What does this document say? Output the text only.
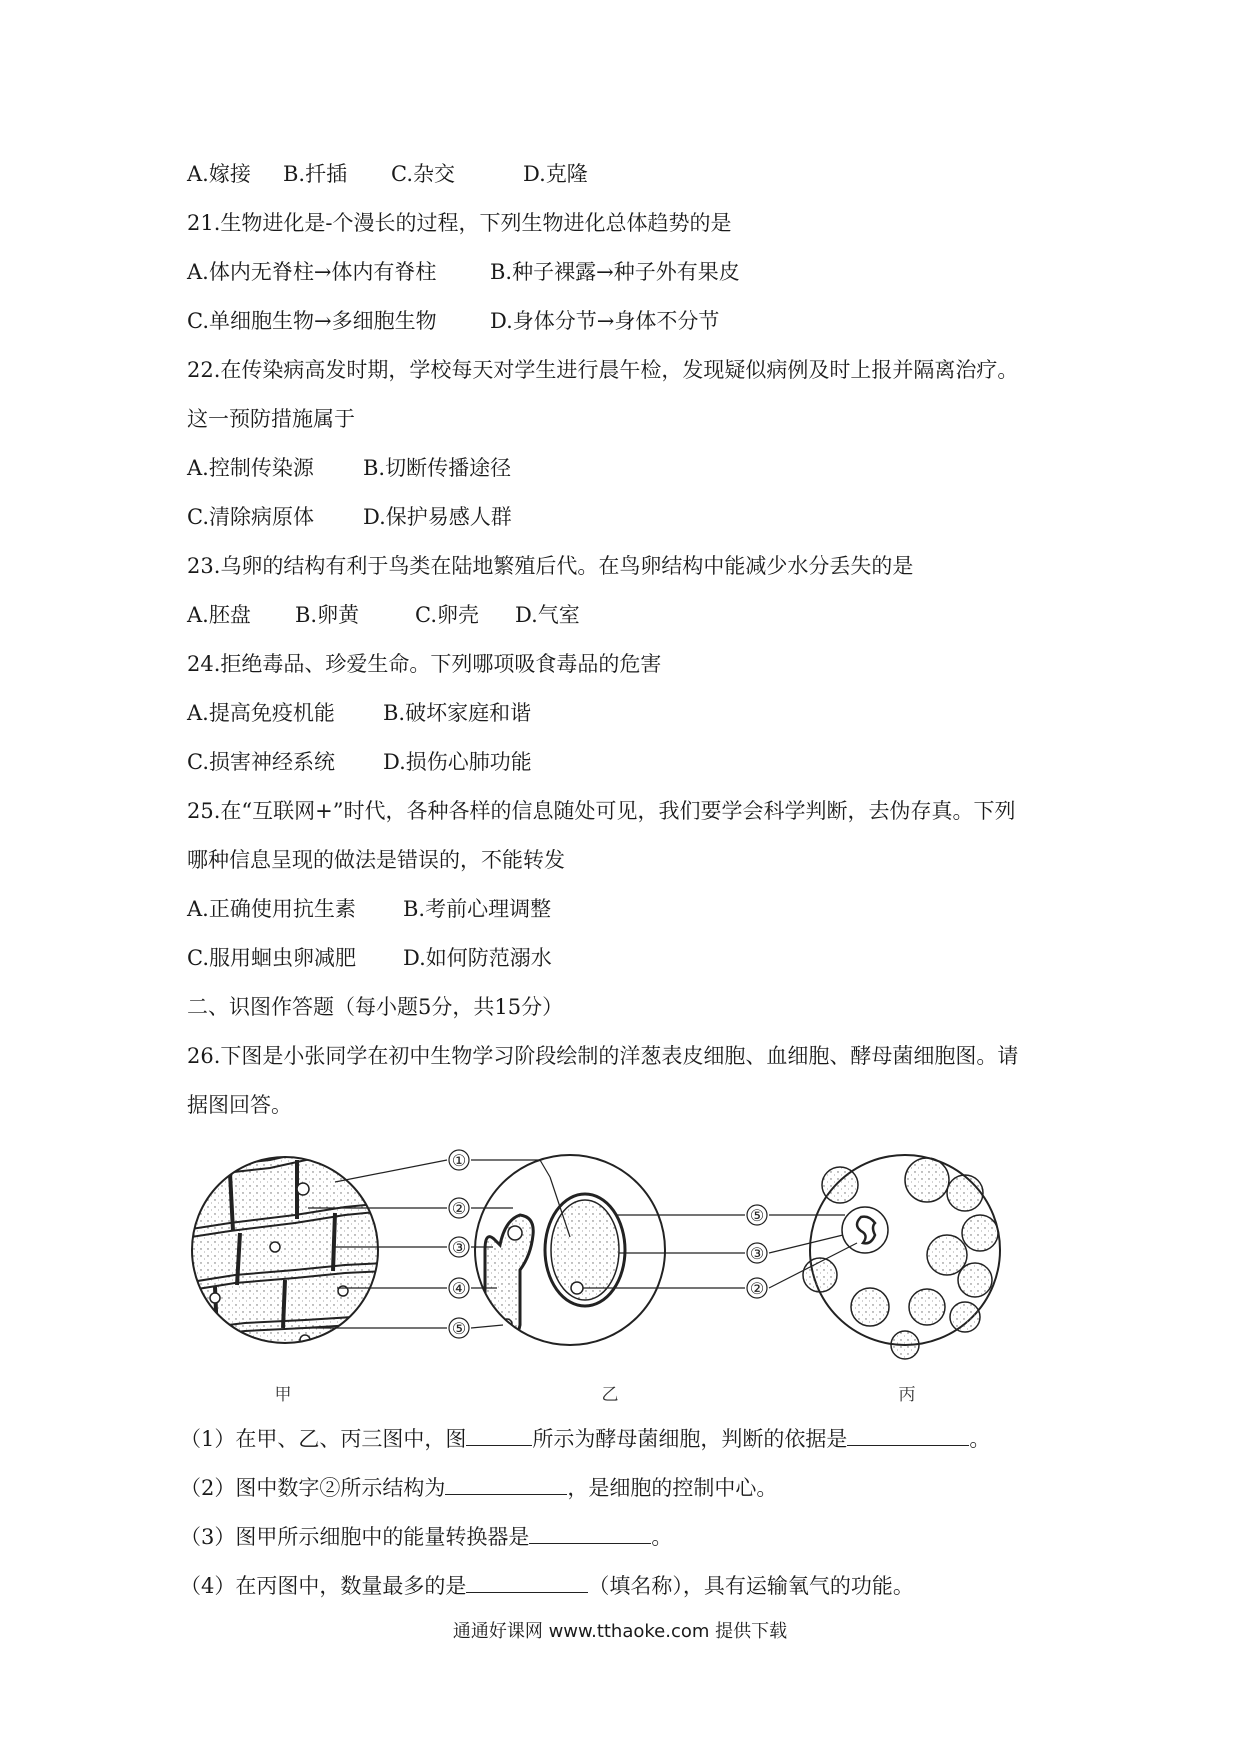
A.嫁接 B.扦插 C.杂交	D.克隆
21.生物进化是-个漫长的过程，下列生物进化总体趋势的是
A.体内无脊柱→体内有脊柱	B.种子裸露→种子外有果皮
C.单细胞生物→多细胞生物	D.身体分节→身体不分节
22.在传染病高发时期，学校每天对学生进行晨午检，发现疑似病例及时上报并隔离治疗。
这一预防措施属于
A.控制传染源 B.切断传播途径
C.清除病原体 D.保护易感人群
23.乌卵的结构有利于鸟类在陆地繁殖后代。在鸟卵结构中能减少水分丢失的是
A.胚盘 B.卵黄	C.卵壳 D.气室
24.拒绝毒品、珍爱生命。下列哪项吸食毒品的危害
A.提高免疫机能 B.破坏家庭和谐
C.损害神经系统 D.损伤心肺功能
25.在“互联网+”时代，各种各样的信息随处可见，我们要学会科学判断，去伪存真。下列
哪种信息呈现的做法是错误的，不能转发
A.正确使用抗生素 B.考前心理调整
C.服用蛔虫卵减肥 D.如何防范溺水
二、识图作答题（每小题5分，共15分）
26.下图是小张同学在初中生物学习阶段绘制的洋葱表皮细胞、血细胞、酵母菌细胞图。请
据图回答。
①
②
③
④
⑤
⑤
③
②
甲	乙	丙
（1）在甲、乙、丙三图中，图	所示为酵母菌细胞，判断的依据是	。
（2）图中数字②所示结构为	，是细胞的控制中心。
（3）图甲所示细胞中的能量转换器是	。
（4）在丙图中，数量最多的是	（填名称），具有运输氧气的功能。
通通好课网 www.tthaoke.com 提供下载
